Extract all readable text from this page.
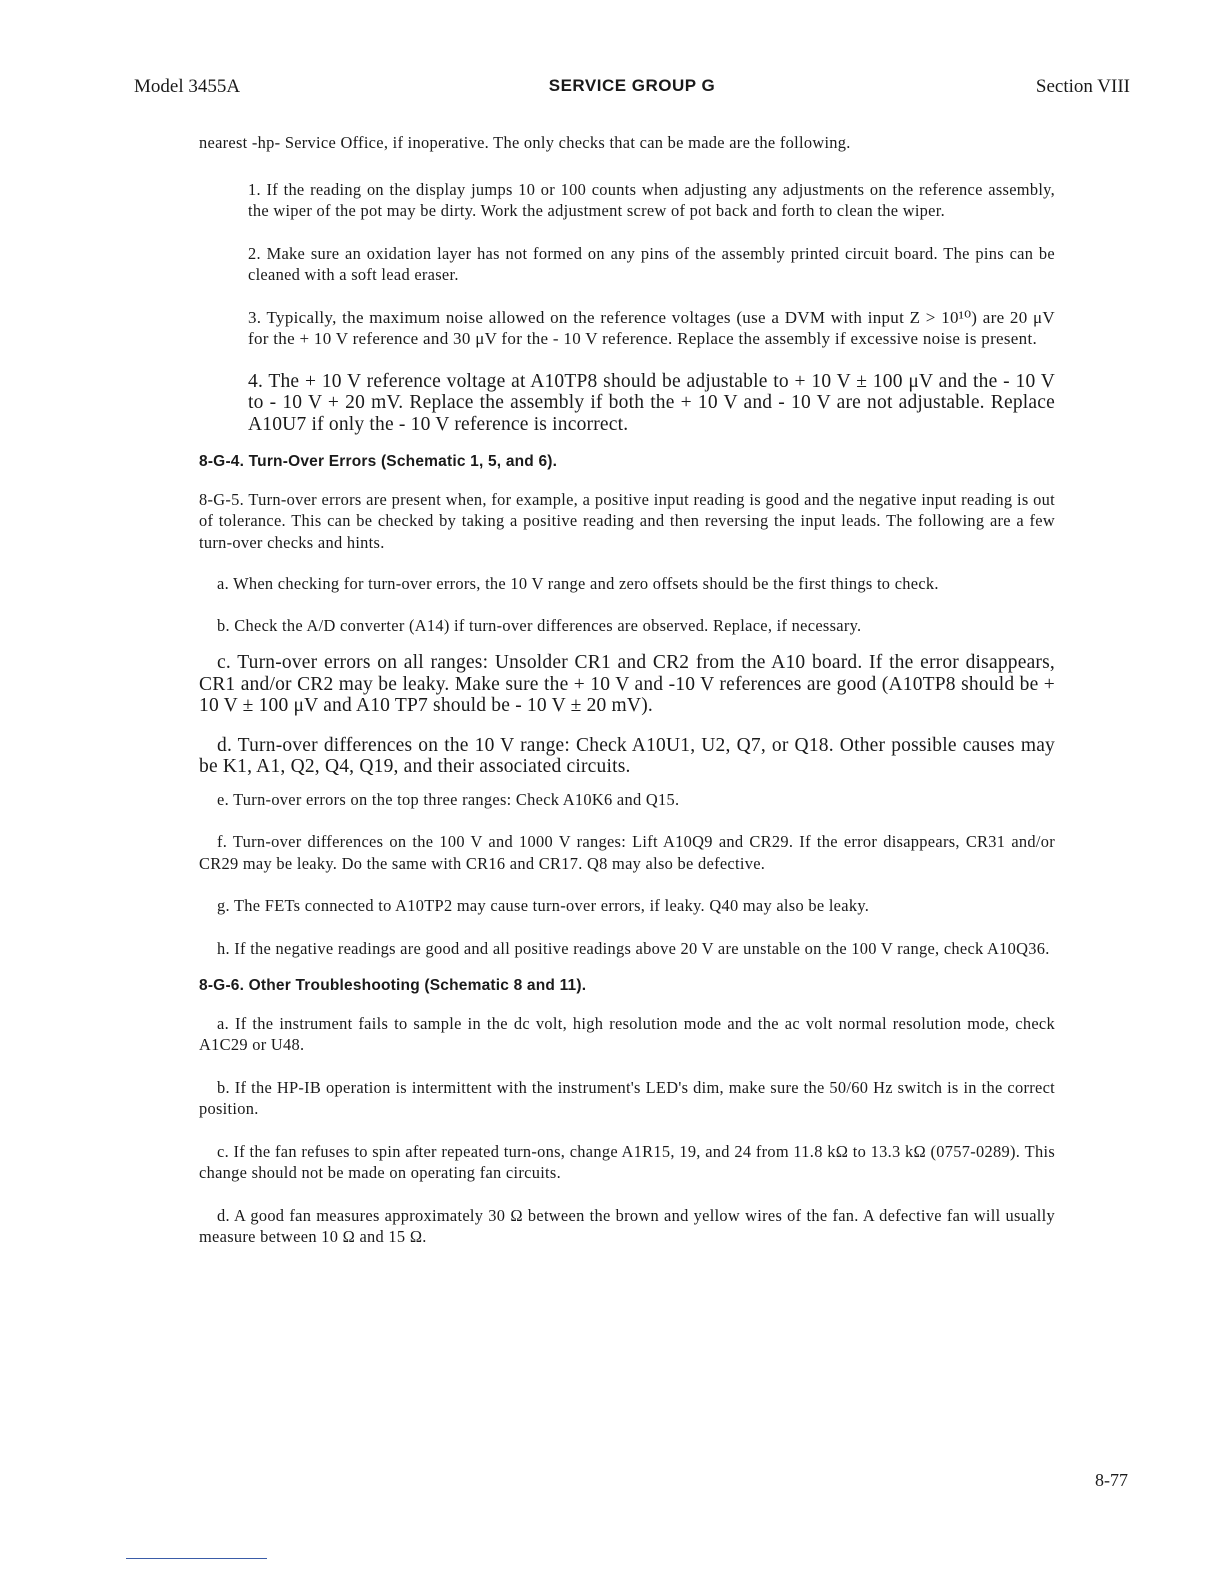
Model 3455A	SERVICE GROUP G	Section VIII

nearest -hp- Service Office, if inoperative. The only checks that can be made are the following.

1. If the reading on the display jumps 10 or 100 counts when adjusting any adjustments on the reference assembly, the wiper of the pot may be dirty. Work the adjustment screw of pot back and forth to clean the wiper.

2. Make sure an oxidation layer has not formed on any pins of the assembly printed circuit board. The pins can be cleaned with a soft lead eraser.

3. Typically, the maximum noise allowed on the reference voltages (use a DVM with input Z > 10¹⁰) are 20 μV for the + 10 V reference and 30 μV for the - 10 V reference. Replace the assembly if excessive noise is present.

4. The + 10 V reference voltage at A10TP8 should be adjustable to + 10 V ± 100 μV and the - 10 V to - 10 V + 20 mV. Replace the assembly if both the + 10 V and - 10 V are not adjustable. Replace A10U7 if only the - 10 V reference is incorrect.

8-G-4. Turn-Over Errors (Schematic 1, 5, and 6).

8-G-5. Turn-over errors are present when, for example, a positive input reading is good and the negative input reading is out of tolerance. This can be checked by taking a positive reading and then reversing the input leads. The following are a few turn-over checks and hints.

a. When checking for turn-over errors, the 10 V range and zero offsets should be the first things to check.

b. Check the A/D converter (A14) if turn-over differences are observed. Replace, if necessary.

c. Turn-over errors on all ranges: Unsolder CR1 and CR2 from the A10 board. If the error disappears, CR1 and/or CR2 may be leaky. Make sure the + 10 V and -10 V references are good (A10TP8 should be + 10 V ± 100 μV and A10 TP7 should be - 10 V ± 20 mV).

d. Turn-over differences on the 10 V range: Check A10U1, U2, Q7, or Q18. Other possible causes may be K1, A1, Q2, Q4, Q19, and their associated circuits.

e. Turn-over errors on the top three ranges: Check A10K6 and Q15.

f. Turn-over differences on the 100 V and 1000 V ranges: Lift A10Q9 and CR29. If the error disappears, CR31 and/or CR29 may be leaky. Do the same with CR16 and CR17. Q8 may also be defective.

g. The FETs connected to A10TP2 may cause turn-over errors, if leaky. Q40 may also be leaky.

h. If the negative readings are good and all positive readings above 20 V are unstable on the 100 V range, check A10Q36.

8-G-6. Other Troubleshooting (Schematic 8 and 11).

a. If the instrument fails to sample in the dc volt, high resolution mode and the ac volt normal resolution mode, check A1C29 or U48.

b. If the HP-IB operation is intermittent with the instrument's LED's dim, make sure the 50/60 Hz switch is in the correct position.

c. If the fan refuses to spin after repeated turn-ons, change A1R15, 19, and 24 from 11.8 kΩ to 13.3 kΩ (0757-0289). This change should not be made on operating fan circuits.

d. A good fan measures approximately 30 Ω between the brown and yellow wires of the fan. A defective fan will usually measure between 10 Ω and 15 Ω.

8-77
